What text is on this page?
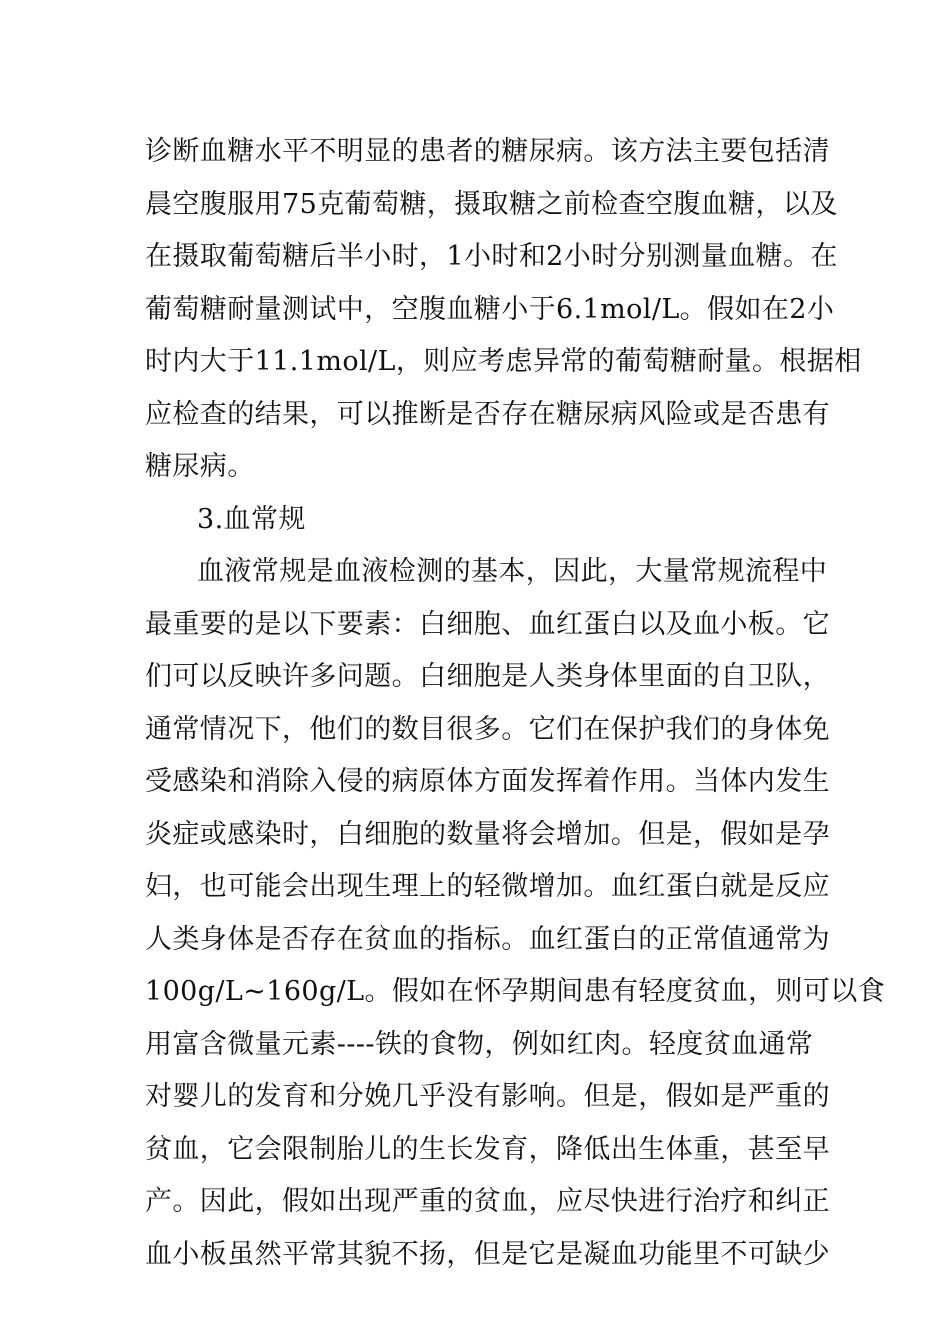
诊断血糖水平不明显的患者的糖尿病。该方法主要包括清
晨空腹服用75克葡萄糖，摄取糖之前检查空腹血糖，以及
在摄取葡萄糖后半小时，1小时和2小时分别测量血糖。在
葡萄糖耐量测试中，空腹血糖小于6.1mol/L。假如在2小
时内大于11.1mol/L，则应考虑异常的葡萄糖耐量。根据相
应检查的结果，可以推断是否存在糖尿病风险或是否患有
糖尿病。
3.血常规
血液常规是血液检测的基本，因此，大量常规流程中
最重要的是以下要素：白细胞、血红蛋白以及血小板。它
们可以反映许多问题。白细胞是人类身体里面的自卫队，
通常情况下，他们的数目很多。它们在保护我们的身体免
受感染和消除入侵的病原体方面发挥着作用。当体内发生
炎症或感染时，白细胞的数量将会增加。但是，假如是孕
妇，也可能会出现生理上的轻微增加。血红蛋白就是反应
人类身体是否存在贫血的指标。血红蛋白的正常值通常为
100g/L~160g/L。假如在怀孕期间患有轻度贫血，则可以食
用富含微量元素----铁的食物，例如红肉。轻度贫血通常
对婴儿的发育和分娩几乎没有影响。但是，假如是严重的
贫血，它会限制胎儿的生长发育，降低出生体重，甚至早
产。因此，假如出现严重的贫血，应尽快进行治疗和纠正
血小板虽然平常其貌不扬，但是它是凝血功能里不可缺少
